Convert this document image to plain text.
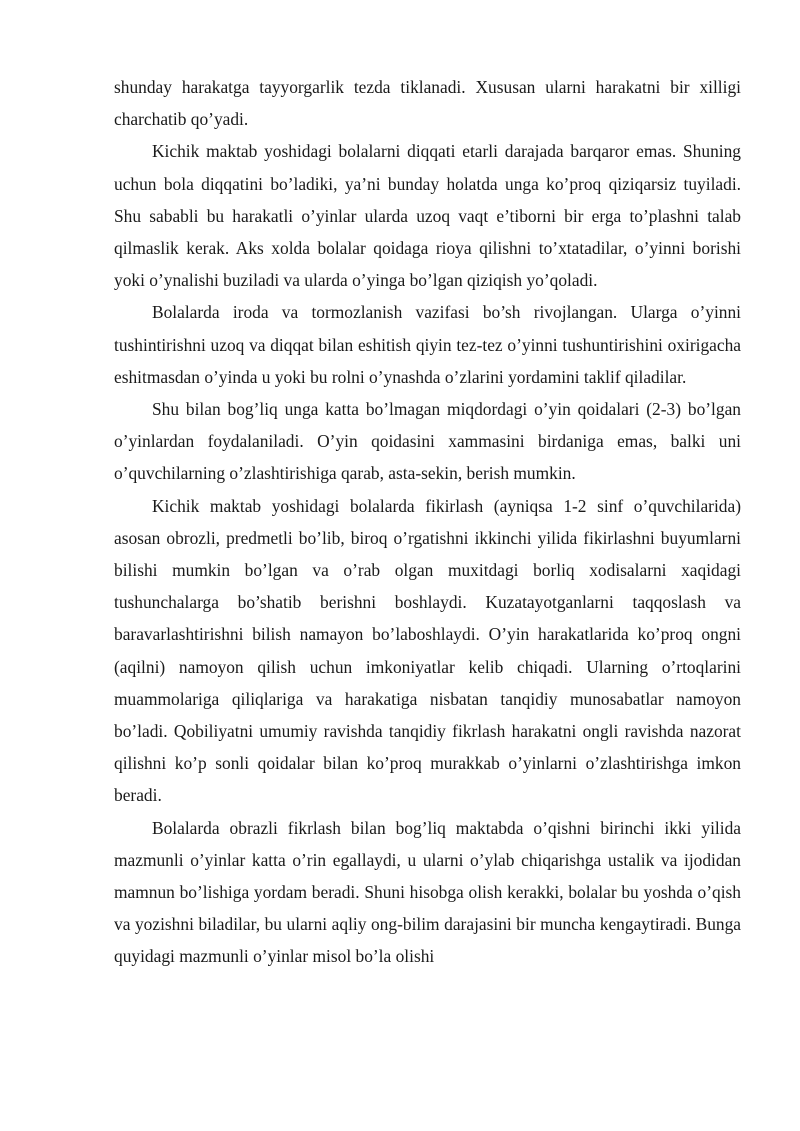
shunday harakatga tayyorgarlik tezda tiklanadi. Xususan ularni harakatni bir xilligi charchatib qo’yadi.

Kichik maktab yoshidagi bolalarni diqqati etarli darajada barqaror emas. Shuning uchun bola diqqatini bo’ladiki, ya’ni bunday holatda unga ko’proq qiziqarsiz tuyiladi. Shu sababli bu harakatli o’yinlar ularda uzoq vaqt e’tiborni bir erga to’plashni talab qilmaslik kerak. Aks xolda bolalar qoidaga rioya qilishni to’xtatadilar, o’yinni borishi yoki o’ynalishi buziladi va ularda o’yinga bo’lgan qiziqish yo’qoladi.

Bolalarda iroda va tormozlanish vazifasi bo’sh rivojlangan. Ularga o’yinni tushintirishni uzoq va diqqat bilan eshitish qiyin tez-tez o’yinni tushuntirishini oxirigacha eshitmasdan o’yinda u yoki bu rolni o’ynashda o’zlarini yordamini taklif qiladilar.

Shu bilan bog’liq unga katta bo’lmagan miqdordagi o’yin qoidalari (2-3) bo’lgan o’yinlardan foydalaniladi. O’yin qoidasini xammasini birdaniga emas, balki uni o’quvchilarning o’zlashtirishiga qarab, asta-sekin, berish mumkin.

Kichik maktab yoshidagi bolalarda fikirlash (ayniqsa 1-2 sinf o’quvchilarida) asosan obrozli, predmetli bo’lib, biroq o’rgatishni ikkinchi yilida fikirlashni buyumlarni bilishi mumkin bo’lgan va o’rab olgan muxitdagi borliq xodisalarni xaqidagi tushunchalarga bo’shatib berishni boshlaydi. Kuzatayotganlarni taqqoslash va baravarlashtirishni bilish namayon bo’laboshlaydi. O’yin harakatlarida ko’proq ongni (aqilni) namoyon qilish uchun imkoniyatlar kelib chiqadi. Ularning o’rtoqlarini muammolariga qiliqlariga va harakatiga nisbatan tanqidiy munosabatlar namoyon bo’ladi. Qobiliyatni umumiy ravishda tanqidiy fikrlash harakatni ongli ravishda nazorat qilishni ko’p sonli qoidalar bilan ko’proq murakkab o’yinlarni o’zlashtirishga imkon beradi.

Bolalarda obrazli fikrlash bilan bog’liq maktabda o’qishni birinchi ikki yilida mazmunli o’yinlar katta o’rin egallaydi, u ularni o’ylab chiqarishga ustalik va ijodidan mamnun bo’lishiga yordam beradi. Shuni hisobga olish kerakki, bolalar bu yoshda o’qish va yozishni biladilar, bu ularni aqliy ong-bilim darajasini bir muncha kengaytiradi. Bunga quyidagi mazmunli o’yinlar misol bo’la olishi
